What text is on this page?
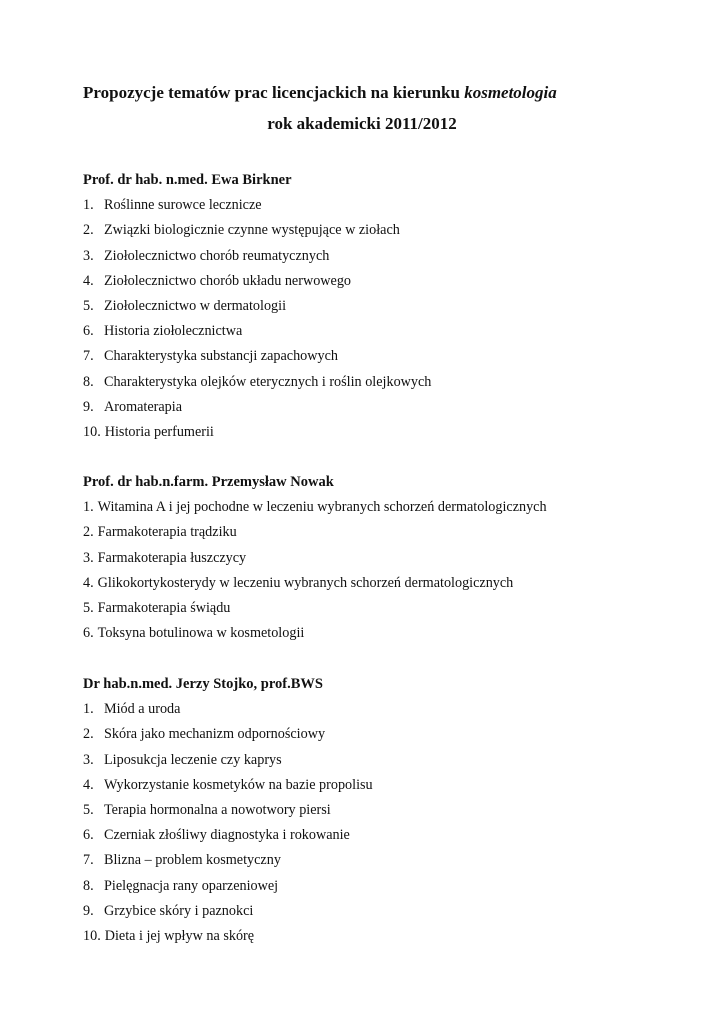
Propozycje tematów prac licencjackich na kierunku kosmetologia
rok akademicki 2011/2012
Prof. dr hab. n.med. Ewa Birkner
1. Roślinne surowce lecznicze
2. Związki biologicznie czynne występujące w ziołach
3. Ziołolecznictwo chorób reumatycznych
4. Ziołolecznictwo chorób układu nerwowego
5. Ziołolecznictwo w dermatologii
6. Historia ziołolecznictwa
7. Charakterystyka substancji zapachowych
8. Charakterystyka olejków eterycznych i roślin olejkowych
9. Aromaterapia
10. Historia perfumerii
Prof. dr hab.n.farm. Przemysław Nowak
1. Witamina A i jej pochodne w leczeniu wybranych schorzeń dermatologicznych
2. Farmakoterapia trądziku
3. Farmakoterapia łuszczycy
4. Glikokortykosterydy w leczeniu wybranych schorzeń dermatologicznych
5. Farmakoterapia świądu
6. Toksyna botulinowa w kosmetologii
Dr hab.n.med. Jerzy Stojko, prof.BWS
1. Miód a uroda
2. Skóra jako mechanizm odpornościowy
3. Liposukcja leczenie czy kaprys
4. Wykorzystanie kosmetyków na bazie propolisu
5. Terapia hormonalna a nowotwory piersi
6. Czerniak złośliwy diagnostyka i rokowanie
7. Blizna – problem kosmetyczny
8. Pielęgnacja rany oparzeniowej
9. Grzybice skóry i paznokci
10. Dieta i jej wpływ na skórę
